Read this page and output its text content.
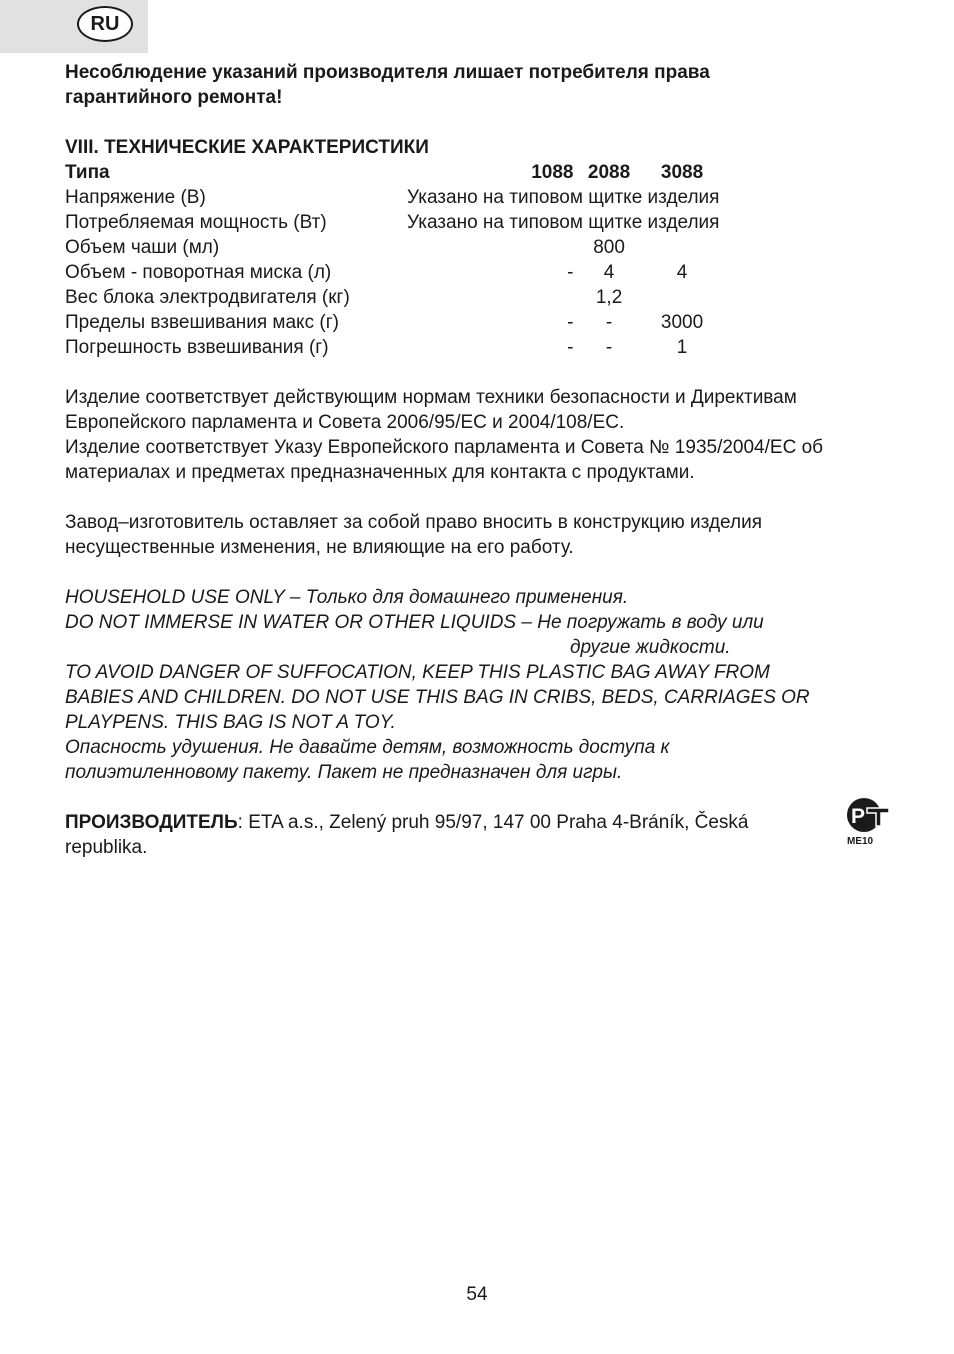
RU
Несоблюдение указаний производителя лишает потребителя права
гарантийного ремонта!
VIII. ТЕХНИЧЕСКИЕ ХАРАКТЕРИСТИКИ
Типа	1088	2088	3088
Напряжение (В)	Указано на типовом щитке изделия		
Потребляемая мощность (Вт)	Указано на типовом щитке изделия		
Объем чаши (мл)		800	
Объем - поворотная миска (л)	-	4	4
Вес блока электродвигателя (кг)		1,2	
Пределы взвешивания макс (г)	-	-	3000
Погрешность взвешивания (г)	-	-	1
Изделие соответствует действующим нормам техники безопасности и Директивам
Европейского парламента и Совета 2006/95/ЕС и 2004/108/ЕС.
Изделие соответствует Указу Европейского парламента и Совета № 1935/2004/ЕС об
материалах и предметах предназначенных для контакта с продуктами.
Завод–изготовитель оставляет за собой право вносить в конструкцию изделия
несущественные изменения, не влияющие на его работу.
HOUSEHOLD USE ONLY – Только для домашнего применения.
DO NOT IMMERSE IN WATER OR OTHER LIQUIDS – Не погружать в воду или
другие жидкости.
TO AVOID DANGER OF SUFFOCATION, KEEP THIS PLASTIC BAG AWAY FROM
BABIES AND CHILDREN. DO NOT USE THIS BAG IN CRIBS, BEDS, CARRIAGES OR
PLAYPENS. THIS BAG IS NOT A TOY.
Опасность удушения. Не давайте детям, возможность доступа к
полиэтиленновому пакету. Пакет не предназначен для игры.
ПРОИЗВОДИТЕЛЬ: ETA a.s., Zelený pruh 95/97, 147 00 Praha 4-Bráník, Česká
republika.
P
ME10
54
